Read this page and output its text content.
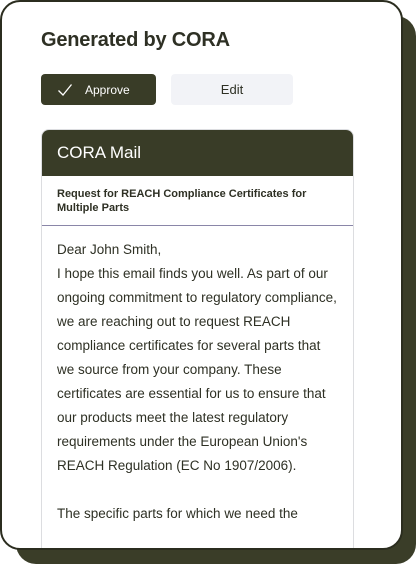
Generated by CORA
Approve	Edit
CORA Mail
Request for REACH Compliance Certificates for Multiple Parts

Dear John Smith,

I hope this email finds you well. As part of our ongoing commitment to regulatory compliance, we are reaching out to request REACH compliance certificates for several parts that we source from your company. These certificates are essential for us to ensure that our products meet the latest regulatory requirements under the European Union's REACH Regulation (EC No 1907/2006).

The specific parts for which we need the
